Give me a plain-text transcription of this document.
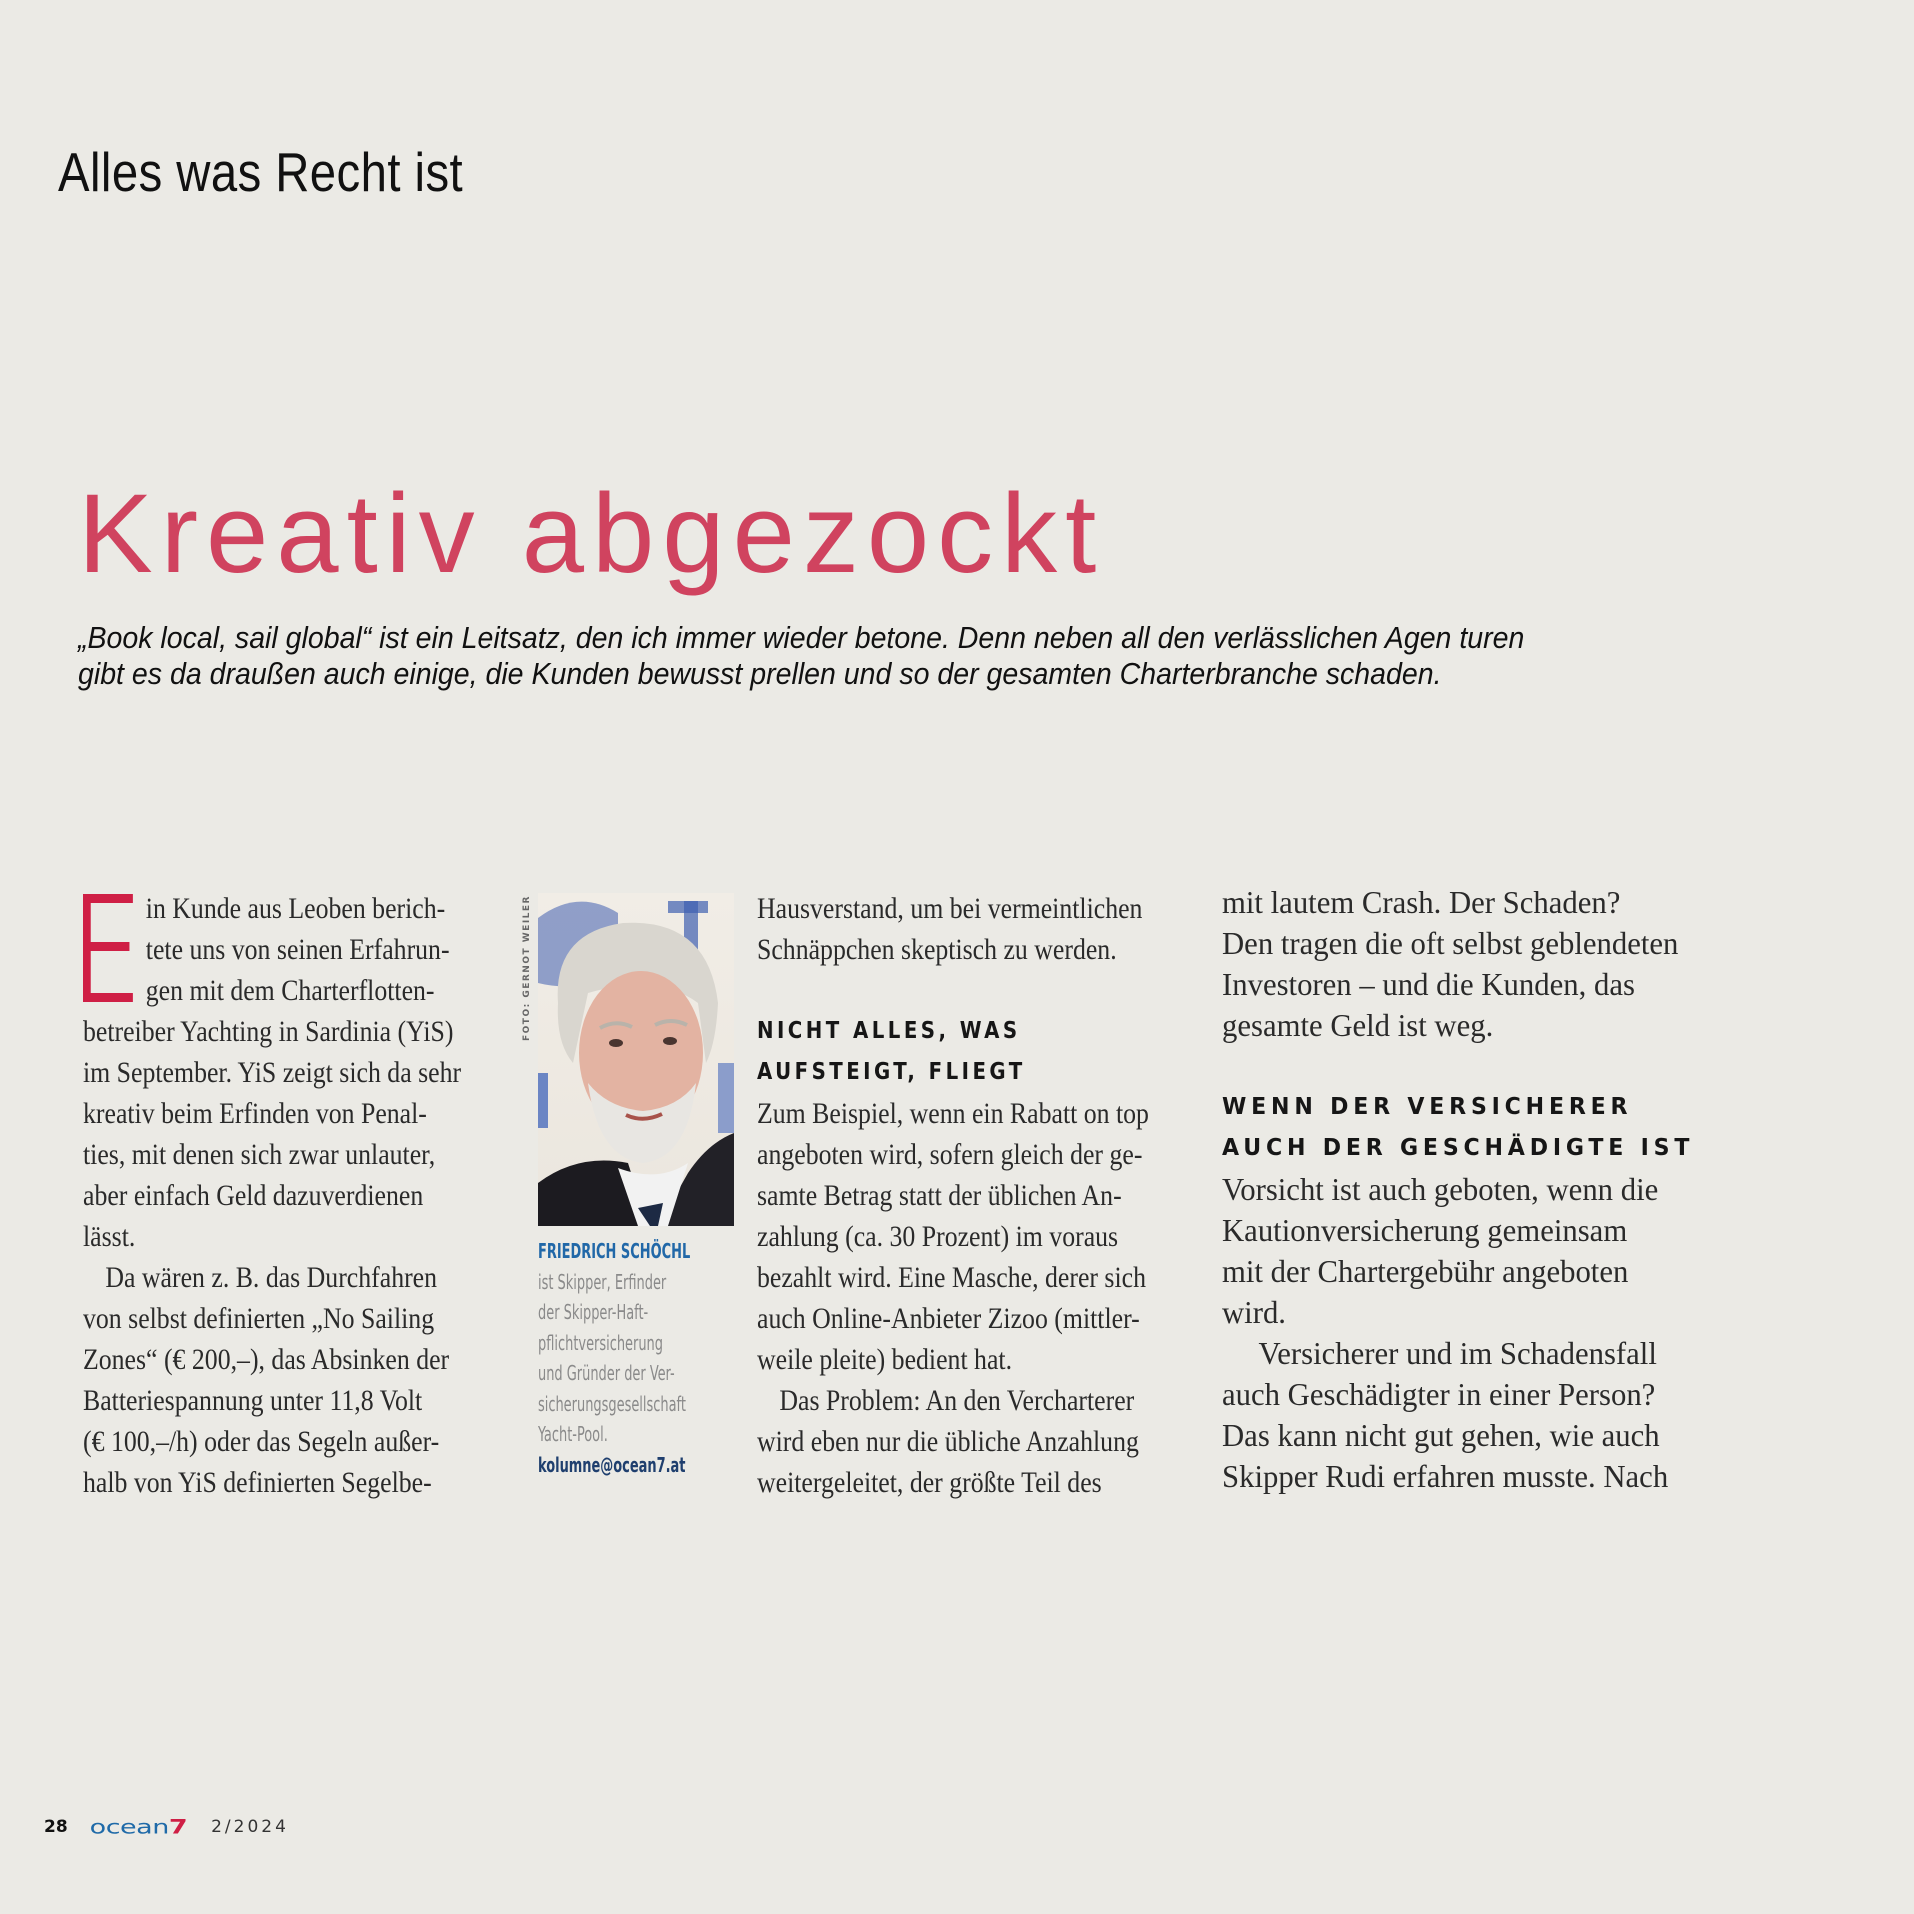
Alles was Recht ist
Kreativ abgezockt
„Book local, sail global“ ist ein Leitsatz, den ich immer wieder betone. Denn neben all den verlässlichen Agen turen
gibt es da draußen auch einige, die Kunden bewusst prellen und so der gesamten Charterbranche schaden.
in Kunde aus Leoben berich-
tete uns von seinen Erfahrun-
gen mit dem Charterflotten-
betreiber Yachting in Sardinia (YiS)
im September. YiS zeigt sich da sehr
kreativ beim Erfinden von Penal-
ties, mit denen sich zwar unlauter,
aber einfach Geld dazuverdienen
lässt.
Da wären z. B. das Durchfahren
von selbst definierten „No Sailing
Zones“ (€ 200,–), das Absinken der
Batteriespannung unter 11,8 Volt
(€ 100,–/h) oder das Segeln außer-
halb von YiS definierten Segelbe-
FOTO: GERNOT WEILER
FRIEDRICH SCHÖCHL
ist Skipper, Erfinder
der Skipper-Haft-
pflichtversicherung
und Gründer der Ver-
sicherungsgesellschaft
Yacht-Pool.
kolumne@ocean7.at
Hausverstand, um bei vermeintlichen
Schnäppchen skeptisch zu werden.
NICHT ALLES, WAS
AUFSTEIGT, FLIEGT
Zum Beispiel, wenn ein Rabatt on top
angeboten wird, sofern gleich der ge-
samte Betrag statt der üblichen An-
zahlung (ca. 30 Prozent) im voraus
bezahlt wird. Eine Masche, derer sich
auch Online-Anbieter Zizoo (mittler-
weile pleite) bedient hat.
Das Problem: An den Vercharterer
wird eben nur die übliche Anzahlung
weitergeleitet, der größte Teil des
mit lautem Crash. Der Schaden?
Den tragen die oft selbst geblendeten
Investoren – und die Kunden, das
gesamte Geld ist weg.
WENN DER VERSICHERER
AUCH DER GESCHÄDIGTE IST
Vorsicht ist auch geboten, wenn die
Kautionversicherung gemeinsam
mit der Chartergebühr angeboten
wird.
Versicherer und im Schadensfall
auch Geschädigter in einer Person?
Das kann nicht gut gehen, wie auch
Skipper Rudi erfahren musste. Nach
28 ocean7 2/2024
